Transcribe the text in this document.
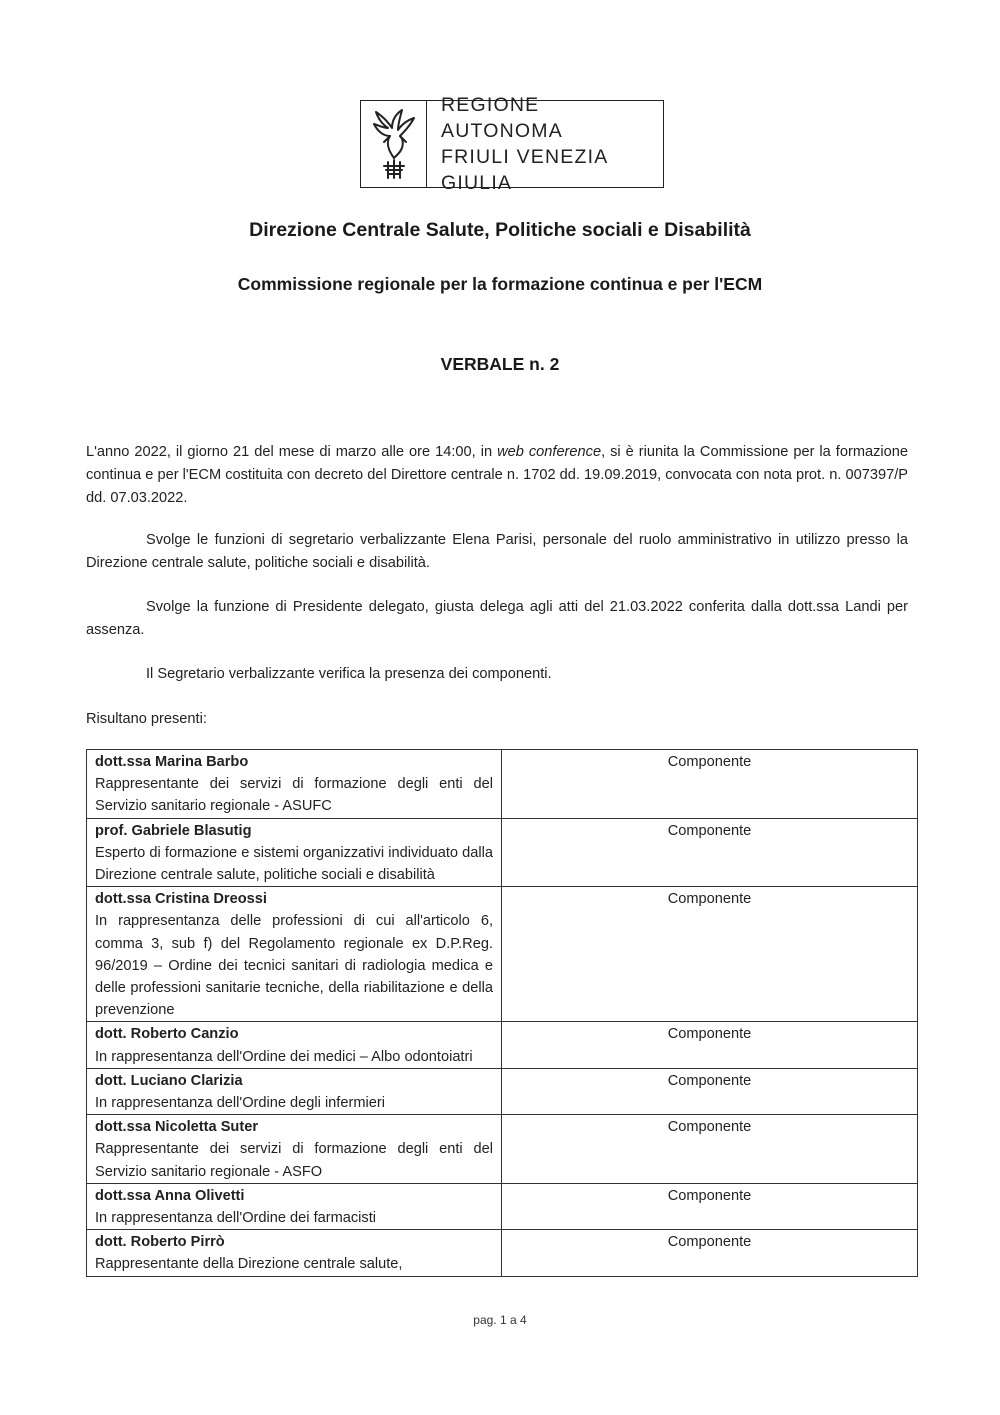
REGIONE AUTONOMA
FRIULI VENEZIA GIULIA
Direzione Centrale Salute, Politiche sociali e Disabilità
Commissione regionale per la formazione continua e per l'ECM
VERBALE n. 2
L'anno 2022, il giorno 21 del mese di marzo alle ore 14:00, in web conference, si è riunita la Commissione per la formazione continua e per l'ECM costituita con decreto del Direttore centrale n. 1702 dd. 19.09.2019, convocata con nota prot. n. 007397/P dd. 07.03.2022.
Svolge le funzioni di segretario verbalizzante Elena Parisi, personale del ruolo amministrativo in utilizzo presso la Direzione centrale salute, politiche sociali e disabilità.
Svolge la funzione di Presidente delegato, giusta delega agli atti del 21.03.2022 conferita dalla dott.ssa Landi per assenza.
Il Segretario verbalizzante verifica la presenza dei componenti.
Risultano presenti:
dott.ssa Marina Barbo
Rappresentante dei servizi di formazione degli enti del Servizio sanitario regionale - ASUFC	Componente

prof. Gabriele Blasutig
Esperto di formazione e sistemi organizzativi individuato dalla Direzione centrale salute, politiche sociali e disabilità	Componente

dott.ssa Cristina Dreossi
In rappresentanza delle professioni di cui all'articolo 6, comma 3, sub f) del Regolamento regionale ex D.P.Reg. 96/2019 – Ordine dei tecnici sanitari di radiologia medica e delle professioni sanitarie tecniche, della riabilitazione e della prevenzione	Componente

dott. Roberto Canzio
In rappresentanza dell'Ordine dei medici – Albo odontoiatri	Componente

dott. Luciano Clarizia
In rappresentanza dell'Ordine degli infermieri	Componente

dott.ssa Nicoletta Suter
Rappresentante dei servizi di formazione degli enti del Servizio sanitario regionale - ASFO	Componente

dott.ssa Anna Olivetti
In rappresentanza dell'Ordine dei farmacisti	Componente

dott. Roberto Pirrò
Rappresentante della Direzione centrale salute,	Componente
pag. 1 a 4
